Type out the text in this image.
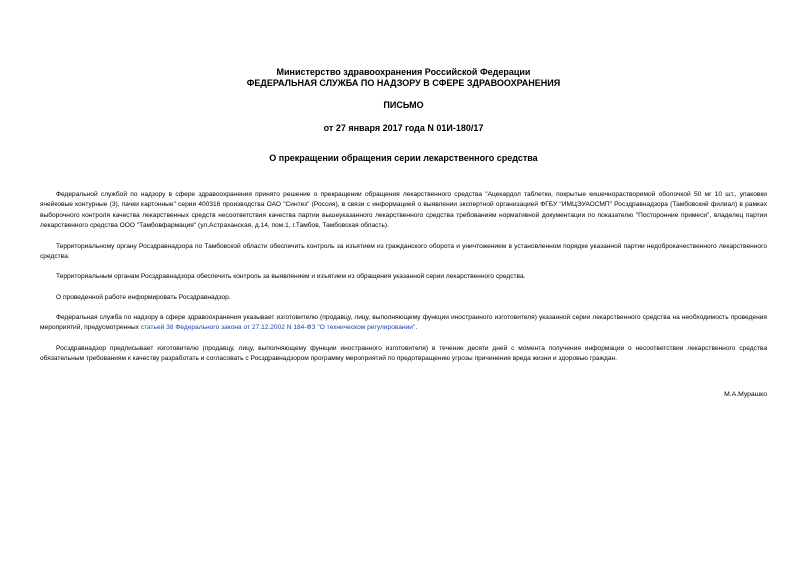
Министерство здравоохранения Российской Федерации
ФЕДЕРАЛЬНАЯ СЛУЖБА ПО НАДЗОРУ В СФЕРЕ ЗДРАВООХРАНЕНИЯ
ПИСЬМО
от 27 января 2017 года N 01И-180/17
О прекращении обращения серии лекарственного средства

Федеральной службой по надзору в сфере здравоохранения принято решение о прекращении обращения лекарственного средства "Ацекардол таблетки, покрытые кишечнорастворимой оболочкой 50 мг 10 шт., упаковки ячейковые контурные (3), пачки картонные" серии 400316 производства ОАО "Синтез" (Россия), в связи с информацией о выявлении экспертной организацией ФГБУ "ИМЦЭУАОСМП" Росздравнадзора (Тамбовский филиал) в рамках выборочного контроля качества лекарственных средств несоответствия качества партии вышеуказанного лекарственного средства требованиям нормативной документации по показателю "Посторонние примеси", владелец партии лекарственного средства ООО "Тамбовфармация" (ул.Астраханская, д.14, пом.1, г.Тамбов, Тамбовская область).

Территориальному органу Росздравнадзора по Тамбовской области обеспечить контроль за изъятием из гражданского оборота и уничтожением в установленном порядке указанной партии недоброкачественного лекарственного средства.

Территориальным органам Росздравнадзора обеспечить контроль за выявлением и изъятием из обращения указанной серии лекарственного средства.

О проведенной работе информировать Росздравнадзор.

Федеральная служба по надзору в сфере здравоохранения указывает изготовителю (продавцу, лицу, выполняющему функции иностранного изготовителя) указанной серии лекарственного средства на необходимость проведения мероприятий, предусмотренных статьей 38 Федерального закона от 27.12.2002 N 184-ФЗ "О техническом регулировании".

Росздравнадзор предписывает изготовителю (продавцу, лицу, выполняющему функции иностранного изготовителя) в течение десяти дней с момента получения информации о несоответствии лекарственного средства обязательным требованиям к качеству разработать и согласовать с Росздравнадзором программу мероприятий по предотвращению угрозы причинения вреда жизни и здоровью граждан.

М.А.Мурашко
